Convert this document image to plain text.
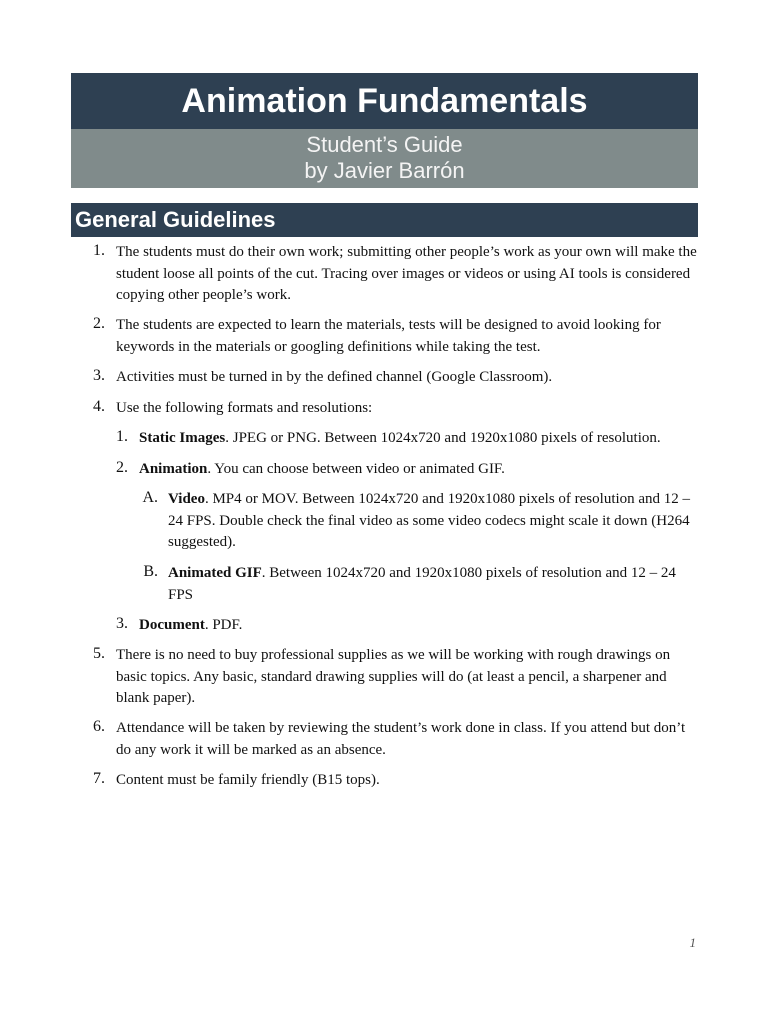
Animation Fundamentals
Student’s Guide
by Javier Barrón
General Guidelines
1. The students must do their own work; submitting other people’s work as your own will make the student loose all points of the cut. Tracing over images or videos or using AI tools is considered copying other people’s work.
2. The students are expected to learn the materials, tests will be designed to avoid looking for keywords in the materials or googling definitions while taking the test.
3. Activities must be turned in by the defined channel (Google Classroom).
4. Use the following formats and resolutions:
1. Static Images. JPEG or PNG. Between 1024x720 and 1920x1080 pixels of resolution.
2. Animation. You can choose between video or animated GIF.
A. Video. MP4 or MOV. Between 1024x720 and 1920x1080 pixels of resolution and 12 – 24 FPS. Double check the final video as some video codecs might scale it down (H264 suggested).
B. Animated GIF. Between 1024x720 and 1920x1080 pixels of resolution and 12 – 24 FPS
3. Document. PDF.
5. There is no need to buy professional supplies as we will be working with rough drawings on basic topics. Any basic, standard drawing supplies will do (at least a pencil, a sharpener and blank paper).
6. Attendance will be taken by reviewing the student’s work done in class. If you attend but don’t do any work it will be marked as an absence.
7. Content must be family friendly (B15 tops).
1
